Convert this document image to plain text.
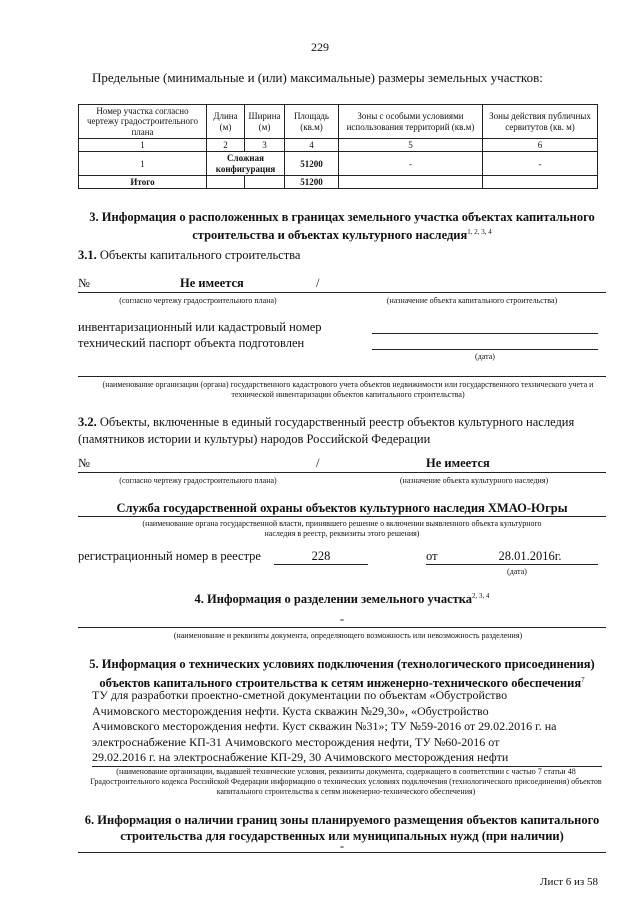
229
Предельные (минимальные и (или) максимальные) размеры земельных участков:
Номер участка согласно чертежу градостроительного плана	Длина (м)	Ширина (м)	Площадь (кв.м)	Зоны с особыми условиями использования территорий (кв.м)	Зоны действия публичных сервитутов (кв. м)
1	2	3	4	5	6
1	Сложная конфигурация		51200	-	-
Итого			51200		
3. Информация о расположенных в границах земельного участка объектах капитального строительства и объектах культурного наследия$^{1, 2, 3, 4}$
3.1. Объекты капитального строительства
№	Не имеется	/
(согласно чертежу градостроительного плана)	(назначение объекта капитального строительства)
инвентаризационный или кадастровый номер
технический паспорт объекта подготовлен
(дата)
(наименование организации (органа) государственного кадастрового учета объектов недвижимости или государственного технического учета и технической инвентаризации объектов капитального строительства)
3.2. Объекты, включенные в единый государственный реестр объектов культурного наследия (памятников истории и культуры) народов Российской Федерации
№	/	Не имеется
(согласно чертежу градостроительного плана)	(назначение объекта культурного наследия)
Служба государственной охраны объектов культурного наследия ХМАО-Югры
(наименование органа государственной власти, принявшего решение о включении выявленного объекта культурного наследия в реестр, реквизиты этого решения)
регистрационный номер в реестре	228	от	28.01.2016г.
(дата)
4. Информация о разделении земельного участка$^{2, 3, 4}$
-
(наименование и реквизиты документа, определяющего возможность или невозможность разделения)
5. Информация о технических условиях подключения (технологического присоединения) объектов капитального строительства к сетям инженерно-технического обеспечения$^7$
ТУ для разработки проектно-сметной документации по объектам «Обустройство
Ачимовского месторождения нефти. Куста скважин №29,30», «Обустройство
Ачимовского месторождения нефти. Куст скважин №31»; ТУ №59-2016 от 29.02.2016 г. на
электроснабжение КП-31 Ачимовского месторождения нефти, ТУ №60-2016 от
29.02.2016 г. на электроснабжение КП-29, 30 Ачимовского месторождения нефти
(наименование организации, выдавшей технические условия, реквизиты документа, содержащего в соответствии с частью 7 статьи 48 Градостроительного кодекса Российской Федерации информацию о технических условиях подключения (технологического присоединения) объектов капитального строительства к сетям инженерно-технического обеспечения)
6. Информация о наличии границ зоны планируемого размещения объектов капитального строительства для государственных или муниципальных нужд (при наличии)
-
Лист 6 из 58
